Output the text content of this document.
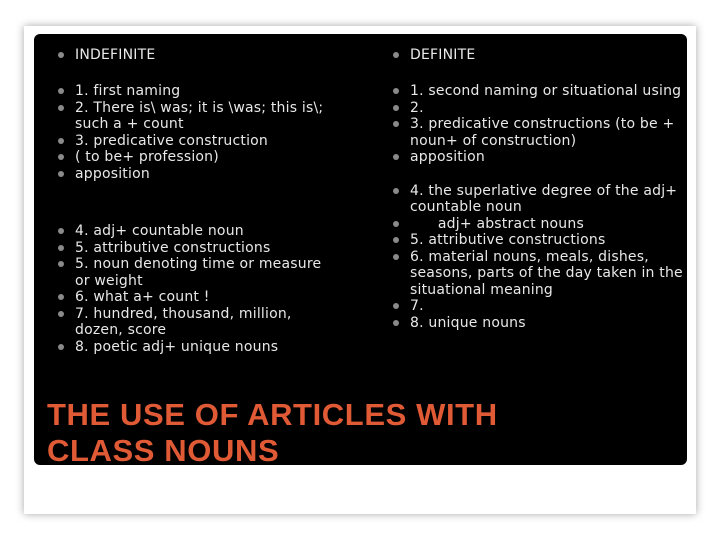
INDEFINITE
1. first naming
2. There is\ was; it is \was; this is\; such a + count
3. predicative construction
( to be+ profession)
apposition
4. adj+ countable noun
5. attributive constructions
5. noun denoting time or measure or weight
6. what a+ count !
7. hundred, thousand, million, dozen, score
8. poetic adj+ unique nouns
DEFINITE
1. second naming or situational using
2.
3. predicative constructions (to be + noun+ of construction)
apposition
4. the superlative degree of the adj+ countable noun
adj+ abstract nouns
5. attributive constructions
6. material nouns, meals, dishes, seasons, parts of the day taken in the situational meaning
7.
8. unique nouns
THE USE OF ARTICLES WITH CLASS NOUNS
